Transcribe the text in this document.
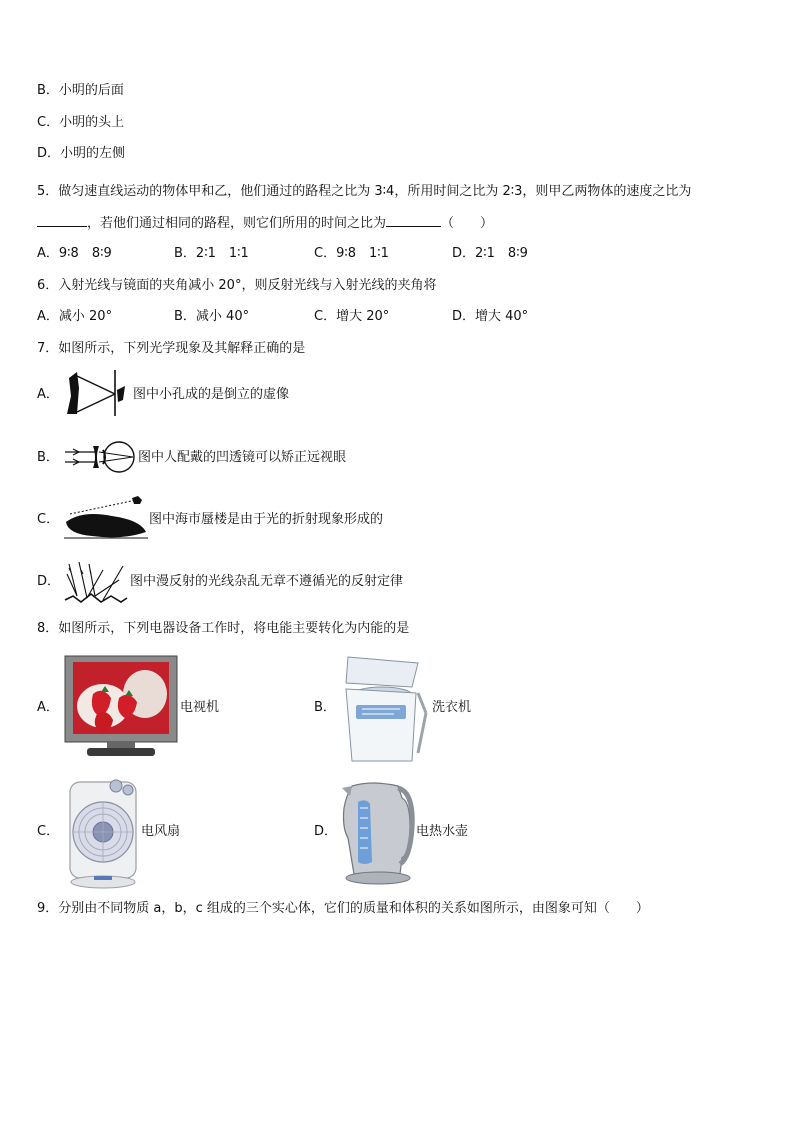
B．小明的后面
C．小明的头上
D．小明的左侧
5．做匀速直线运动的物体甲和乙，他们通过的路程之比为 3∶4，所用时间之比为 2∶3，则甲乙两物体的速度之比为
，若他们通过相同的路程，则它们所用的时间之比为	（　　）
A．9∶8　8∶9	B．2∶1　1∶1	C．9∶8　1∶1	D．2∶1　8∶9
6．入射光线与镜面的夹角减小 20°，则反射光线与入射光线的夹角将
A．减小 20°	B．减小 40°	C．增大 20°	D．增大 40°
7．如图所示，下列光学现象及其解释正确的是
A．	图中小孔成的是倒立的虚像
B．	图中人配戴的凹透镜可以矫正远视眼
C．	图中海市蜃楼是由于光的折射现象形成的
D．	图中漫反射的光线杂乱无章不遵循光的反射定律
8．如图所示，下列电器设备工作时，将电能主要转化为内能的是
A．	电视机	B．	洗衣机
C．	电风扇	D．	电热水壶
9．分别由不同物质 a，b，c 组成的三个实心体，它们的质量和体积的关系如图所示，由图象可知（　　）
